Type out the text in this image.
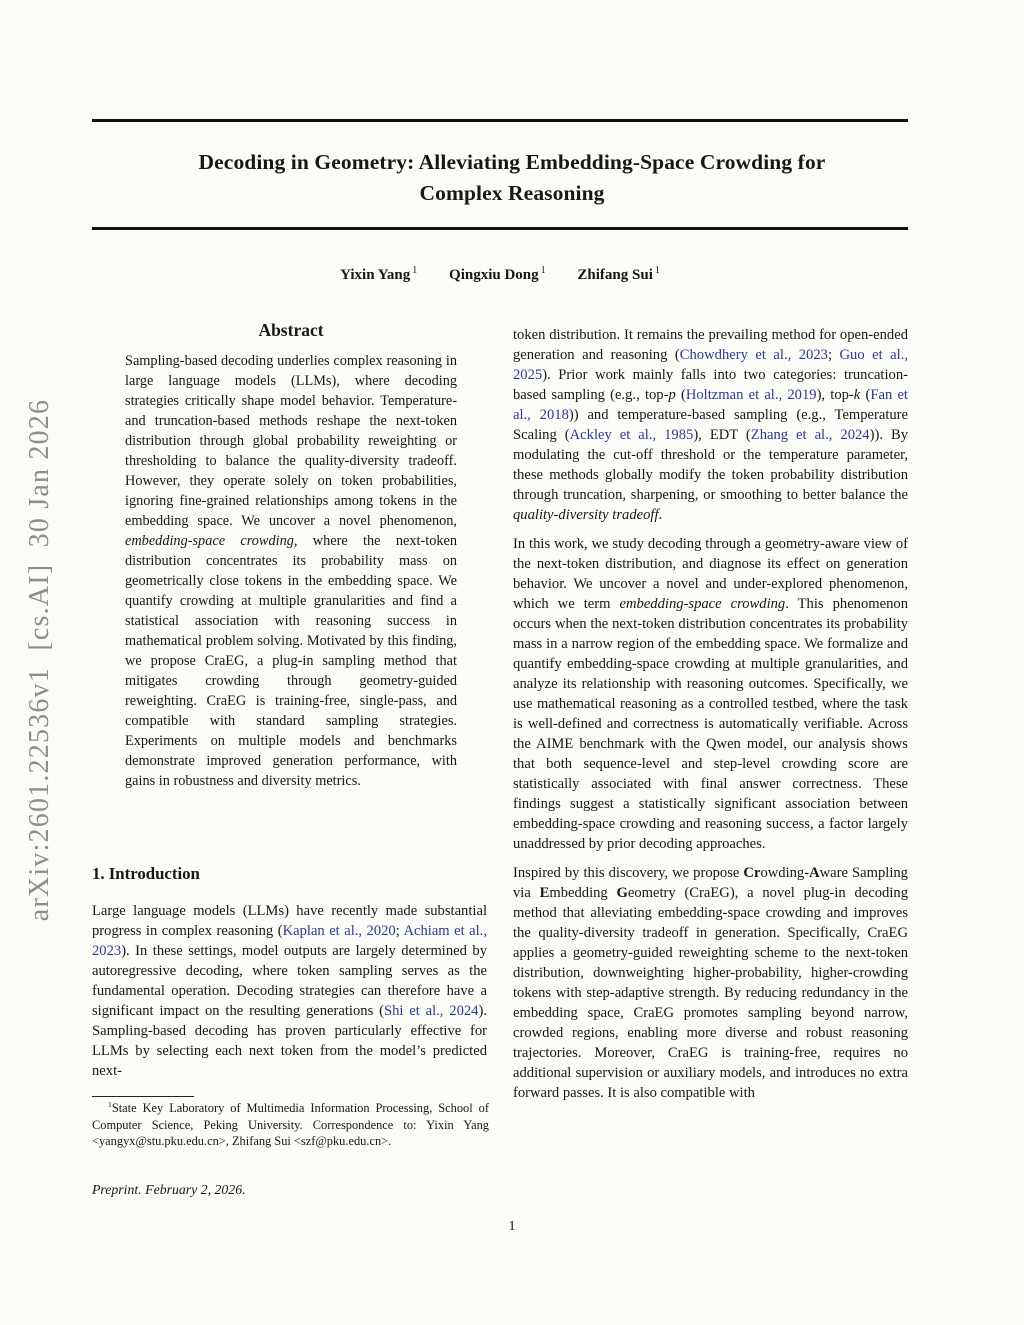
arXiv:2601.22536v1  [cs.AI]  30 Jan 2026
Decoding in Geometry: Alleviating Embedding-Space Crowding for
Complex Reasoning
Yixin Yang $^1$ Qingxiu Dong $^1$ Zhifang Sui $^1$
Abstract
Sampling-based decoding underlies complex reasoning in large language models (LLMs), where decoding strategies critically shape model behavior. Temperature- and truncation-based methods reshape the next-token distribution through global probability reweighting or thresholding to balance the quality-diversity tradeoff. However, they operate solely on token probabilities, ignoring fine-grained relationships among tokens in the embedding space. We uncover a novel phenomenon, embedding-space crowding, where the next-token distribution concentrates its probability mass on geometrically close tokens in the embedding space. We quantify crowding at multiple granularities and find a statistical association with reasoning success in mathematical problem solving. Motivated by this finding, we propose CraEG, a plug-in sampling method that mitigates crowding through geometry-guided reweighting. CraEG is training-free, single-pass, and compatible with standard sampling strategies. Experiments on multiple models and benchmarks demonstrate improved generation performance, with gains in robustness and diversity metrics.
1. Introduction
Large language models (LLMs) have recently made substantial progress in complex reasoning (Kaplan et al., 2020; Achiam et al., 2023). In these settings, model outputs are largely determined by autoregressive decoding, where token sampling serves as the fundamental operation. Decoding strategies can therefore have a significant impact on the resulting generations (Shi et al., 2024). Sampling-based decoding has proven particularly effective for LLMs by selecting each next token from the model’s predicted next-

token distribution. It remains the prevailing method for open-ended generation and reasoning (Chowdhery et al., 2023; Guo et al., 2025). Prior work mainly falls into two categories: truncation-based sampling (e.g., top-p (Holtzman et al., 2019), top-k (Fan et al., 2018)) and temperature-based sampling (e.g., Temperature Scaling (Ackley et al., 1985), EDT (Zhang et al., 2024)). By modulating the cut-off threshold or the temperature parameter, these methods globally modify the token probability distribution through truncation, sharpening, or smoothing to better balance the quality-diversity tradeoff.

In this work, we study decoding through a geometry-aware view of the next-token distribution, and diagnose its effect on generation behavior. We uncover a novel and under-explored phenomenon, which we term embedding-space crowding. This phenomenon occurs when the next-token distribution concentrates its probability mass in a narrow region of the embedding space. We formalize and quantify embedding-space crowding at multiple granularities, and analyze its relationship with reasoning outcomes. Specifically, we use mathematical reasoning as a controlled testbed, where the task is well-defined and correctness is automatically verifiable. Across the AIME benchmark with the Qwen model, our analysis shows that both sequence-level and step-level crowding score are statistically associated with final answer correctness. These findings suggest a statistically significant association between embedding-space crowding and reasoning success, a factor largely unaddressed by prior decoding approaches.

Inspired by this discovery, we propose Crowding-Aware Sampling via Embedding Geometry (CraEG), a novel plug-in decoding method that alleviating embedding-space crowding and improves the quality-diversity tradeoff in generation. Specifically, CraEG applies a geometry-guided reweighting scheme to the next-token distribution, downweighting higher-probability, higher-crowding tokens with step-adaptive strength. By reducing redundancy in the embedding space, CraEG promotes sampling beyond narrow, crowded regions, enabling more diverse and robust reasoning trajectories. Moreover, CraEG is training-free, requires no additional supervision or auxiliary models, and introduces no extra forward passes. It is also compatible with

$^1$State Key Laboratory of Multimedia Information Processing, School of Computer Science, Peking University. Correspondence to: Yixin Yang <yangyx@stu.pku.edu.cn>, Zhifang Sui <szf@pku.edu.cn>.
Preprint. February 2, 2026.
1
